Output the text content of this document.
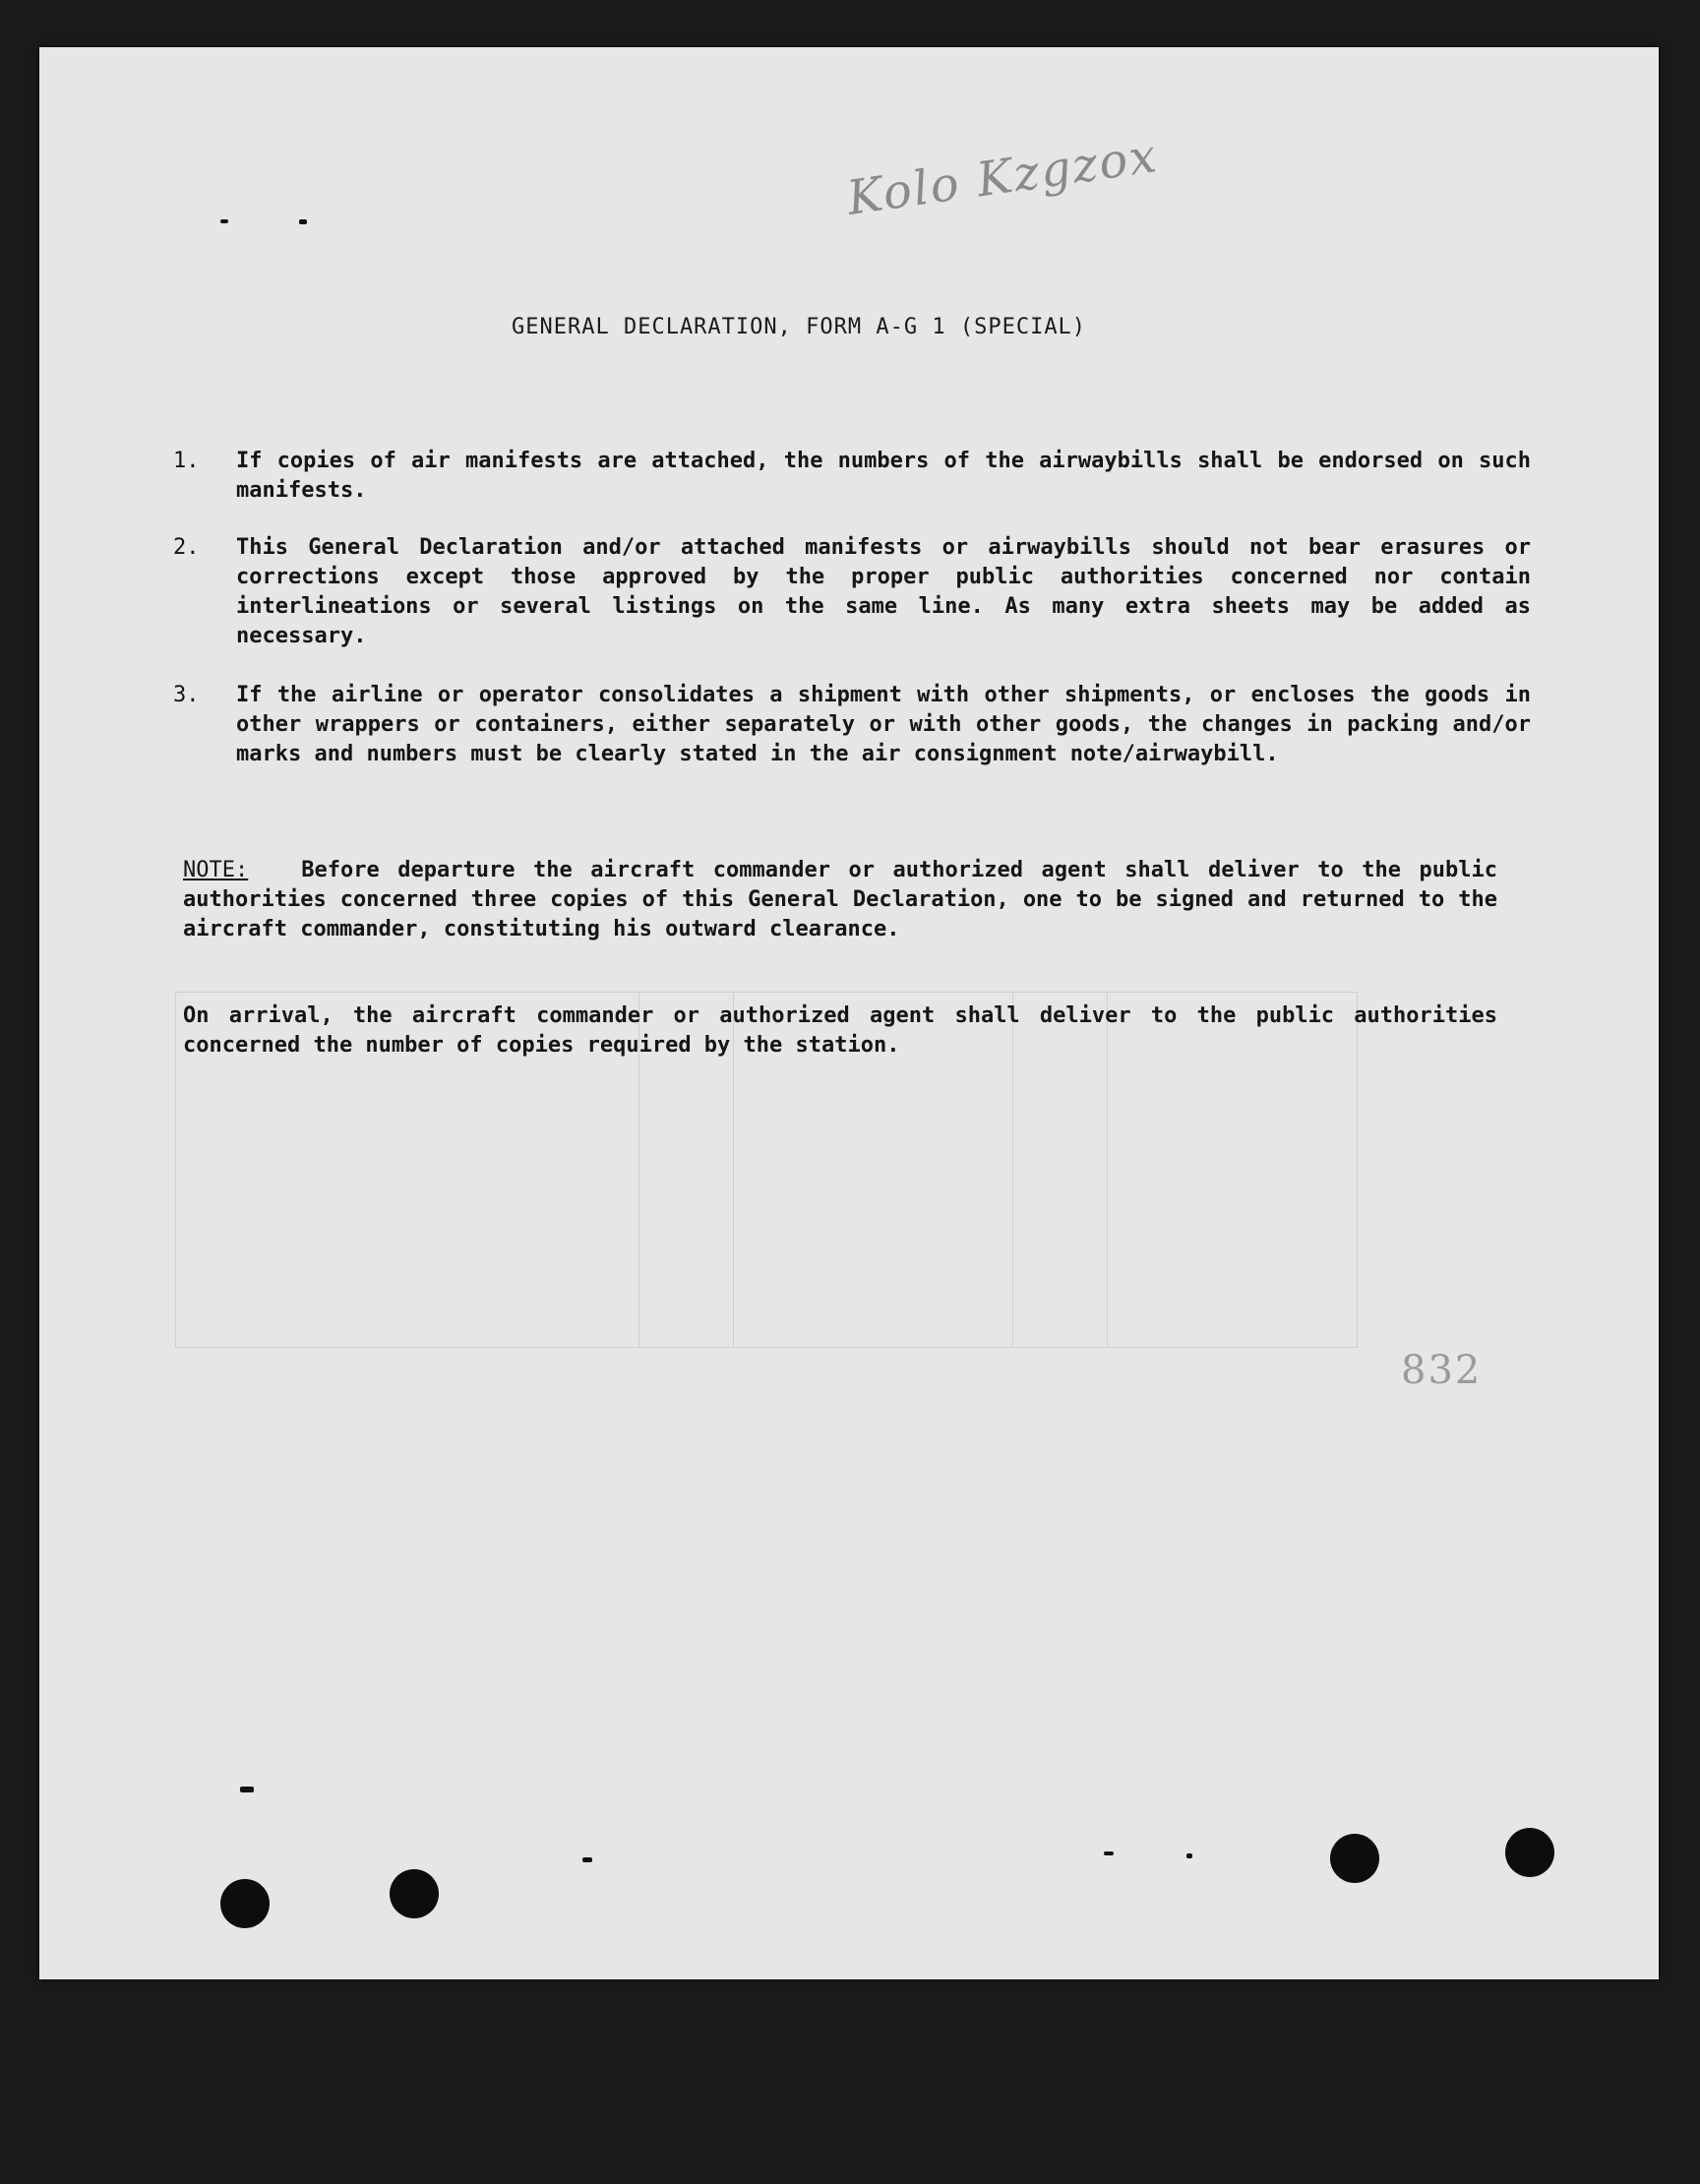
Kolo Kzgzox
832
GENERAL DECLARATION, FORM A-G 1 (SPECIAL)
1.	If copies of air manifests are attached, the numbers of the airwaybills shall be endorsed on such manifests.
2.	This General Declaration and/or attached manifests or airwaybills should not bear erasures or corrections except those approved by the proper public authorities concerned nor contain interlineations or several listings on the same line. As many extra sheets may be added as necessary.
3.	If the airline or operator consolidates a shipment with other shipments, or encloses the goods in other wrappers or containers, either separately or with other goods, the changes in packing and/or marks and numbers must be clearly stated in the air consignment note/airwaybill.
NOTE: Before departure the aircraft commander or authorized agent shall deliver to the public authorities concerned three copies of this General Declaration, one to be signed and returned to the aircraft commander, constituting his outward clearance.
On arrival, the aircraft commander or authorized agent shall deliver to the public authorities concerned the number of copies required by the station.
